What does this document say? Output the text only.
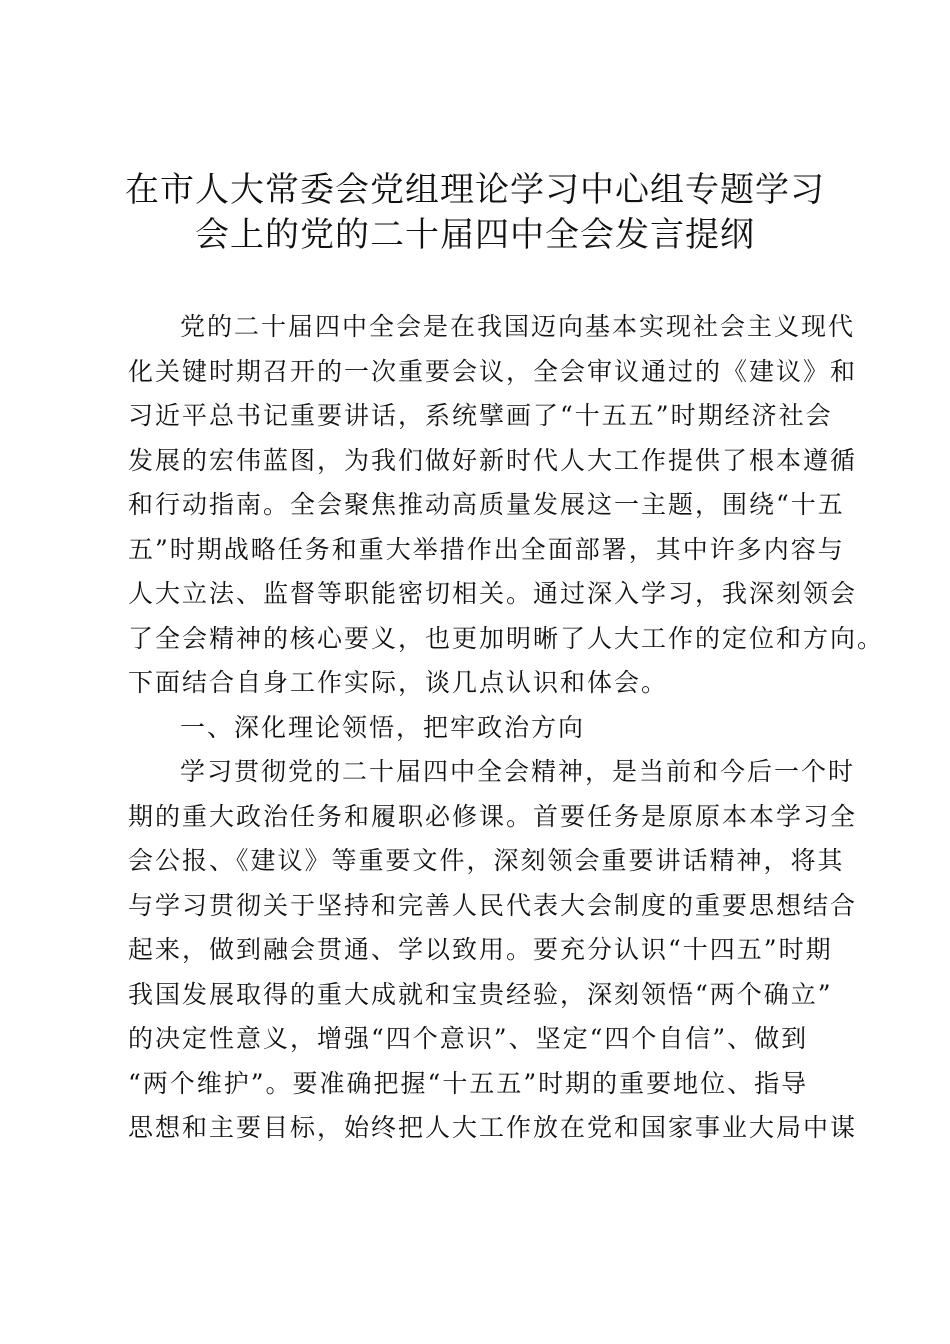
在市人大常委会党组理论学习中心组专题学习
会上的党的二十届四中全会发言提纲
党的二十届四中全会是在我国迈向基本实现社会主义现代
化关键时期召开的一次重要会议，全会审议通过的《建议》和
习近平总书记重要讲话，系统擘画了“十五五”时期经济社会
发展的宏伟蓝图，为我们做好新时代人大工作提供了根本遵循
和行动指南。全会聚焦推动高质量发展这一主题，围绕“十五
五”时期战略任务和重大举措作出全面部署，其中许多内容与
人大立法、监督等职能密切相关。通过深入学习，我深刻领会
了全会精神的核心要义，也更加明晰了人大工作的定位和方向。
下面结合自身工作实际，谈几点认识和体会。
一、深化理论领悟，把牢政治方向
学习贯彻党的二十届四中全会精神，是当前和今后一个时
期的重大政治任务和履职必修课。首要任务是原原本本学习全
会公报、《建议》等重要文件，深刻领会重要讲话精神，将其
与学习贯彻关于坚持和完善人民代表大会制度的重要思想结合
起来，做到融会贯通、学以致用。要充分认识“十四五”时期
我国发展取得的重大成就和宝贵经验，深刻领悟“两个确立”
的决定性意义，增强“四个意识”、坚定“四个自信”、做到
“两个维护”。要准确把握“十五五”时期的重要地位、指导
思想和主要目标，始终把人大工作放在党和国家事业大局中谋
